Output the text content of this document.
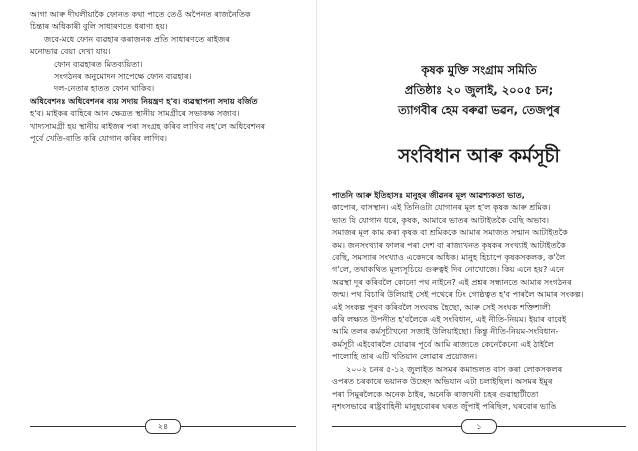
আগা আৰু দীঘলীয়াকৈ ফোনত কথা পাতে তেওঁ অপৈনত ৰাজনৈতিক
চিন্তাৰ অধিকাৰী বুলি সাধাৰণতে ধৰাণা হয়।
জবে-মধে ফোন ব্যৱহাৰ কৰাজনক প্ৰতি সাধাৰণতে ৰাইজৰ
মনোভাৱ বেয়া দেখা যায়।
ফোন ব্যৱহাৰত মিতব্যয়িতা।
সংগঠনৰ অনুমোদন সাপেক্ষে ফোন ব্যৱহাৰ।
দল-নেতাৰ হাতত ফোন থাকিব।
অধিবেশনঃ অধিবেশনৰ ব্যয় সদায় নিয়ন্ত্ৰণ হ'ব। ব্যৱস্থাপনা সদায় বৰ্জিত
হ'ব। মাইকৰ বাহিৰে আন ক্ষেত্ৰত স্থানীয় সামগ্ৰীৰে সভাকক্ষ সজাব।
খাদ্যসামগ্ৰী হয় স্থানীয় ৰাইজৰ পৰা সংগ্ৰহ কৰিব লাগিব নহ'লে অধিবেশনৰ
পূৰ্বে খেতি-বাতি কৰি যোগান কৰিব লাগিব।
২৪
কৃষক মুক্তি সংগ্ৰাম সমিতি
প্ৰতিষ্ঠাঃ ২০ জুলাই, ২০০৫ চন;
ত্যাগবীৰ হেম বৰুৱা ভৱন, তেজপুৰ
সংবিধান আৰু কৰ্মসূচী
পাতনি আৰু ইতিহাসঃ মানুহৰ জীৱনৰ মূল আৱশ্যকতা ভাত,
কাপোৰ, বাসস্থান। এই তিনিওটা যোগানৰ মূল হ'ল কৃষক আৰু শ্ৰমিক।
ভাত যি যোগান ধৰে, কৃষক, আমাৰে ভাতৰ আটাইতকৈ বেছি অভাব।
সমাজৰ মূল কাম কৰা কৃষক বা শ্ৰমিককে আমাৰ সমাজত সন্মান আটাইতকৈ
কম। জনসংখ্যাৰ ফালৰ পৰা দেশ বা ৰাজ্যখনত কৃষকৰ সংখ্যাই আটাইতকৈ
বেছি, সমস্যাৰ সংখ্যাও একেদৰে অধিক। মানুহ হিচাপে কৃষকসকলক, ক'লৈ
গ'লে, তথাকথিত মূল্যসূচিয়ে গুৰুত্বই দিব নোখোজে। কিয় এনে হয়? এনে
অৱস্থা দূৰ কৰিবলৈ কোনো পথ নাইনে? এই প্ৰশ্নৰ সন্ধানতে আমাৰ সংগঠনৰ
জন্ম। পথ বিচাৰি উলিয়াই সেই পথেৰে ঢিং গোষ্ঠত্বত হ'ব পাৰলৈ আমাৰ সংকল্প।
এই সংকল্প পূৰণ কৰিবলৈ সংঘবদ্ধ হৈছো, আৰু সেই সংঘক শক্তিশালী
কৰি লক্ষ্যত উপনীত হ'বলৈকে এই সংবিধান, এই নীতি-নিয়ম। ইয়াৰ বাবেই
আমি তলৰ কৰ্মসূচীখনো সজাই উলিয়াইছো। কিন্তু নীতি-নিয়ম-সংবিধান-
কৰ্মসূচী এইবোৰলৈ যোৱাৰ পূৰ্বে আমি ৰাজ্যতে কেনেকৈনো এই ঠাইলৈ
পালোহি তাৰ এটি খতিয়ান লোৱাৰ প্ৰয়োজন।
২০০২ চনৰ ৫-১২ জুলাইত অসমৰ কমান্ডলত বাস কৰা লোকসকলৰ
ওপৰত চৰকাৰে ভয়ানক উচ্ছেদ অভিযান এটা চলাইছিল। অসমৰ ইমুৰ
পৰা সিমুৰলৈকে অনেক ঠাইৰ, অনেকি ৰাজখনী চহৰ গুৱাহাটীতো
নৃশংসভাৱে ৰাষ্ট্ৰবাহিনী মানুহবোৰৰ ঘৰত জুঁপাই পৰিছিল, ঘৰবোৰ ভাঙি
১
